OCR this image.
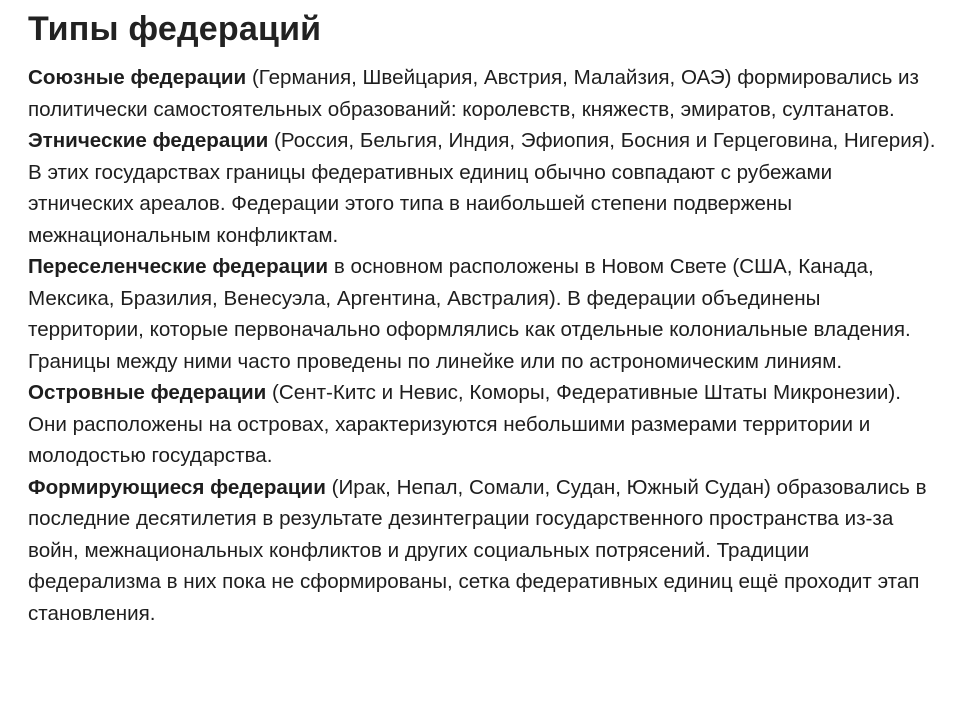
Типы федераций

Союзные федерации (Германия, Швейцария, Австрия, Малайзия, ОАЭ) формировались из политически самостоятельных образований: королевств, княжеств, эмиратов, султанатов.

Этнические федерации (Россия, Бельгия, Индия, Эфиопия, Босния и Герцеговина, Нигерия). В этих государствах границы федеративных единиц обычно совпадают с рубежами этнических ареалов. Федерации этого типа в наибольшей степени подвержены межнациональным конфликтам.

Переселенческие федерации в основном расположены в Новом Свете (США, Канада, Мексика, Бразилия, Венесуэла, Аргентина, Австралия). В федерации объединены территории, которые первоначально оформлялись как отдельные колониальные владения. Границы между ними часто проведены по линейке или по астрономическим линиям.

Островные федерации (Сент-Китс и Невис, Коморы, Федеративные Штаты Микронезии). Они расположены на островах, характеризуются небольшими размерами территории и молодостью государства.

Формирующиеся федерации (Ирак, Непал, Сомали, Судан, Южный Судан) образовались в последние десятилетия в результате дезинтеграции государственного пространства из-за войн, межнациональных конфликтов и других социальных потрясений. Традиции федерализма в них пока не сформированы, сетка федеративных единиц ещё проходит этап становления.
